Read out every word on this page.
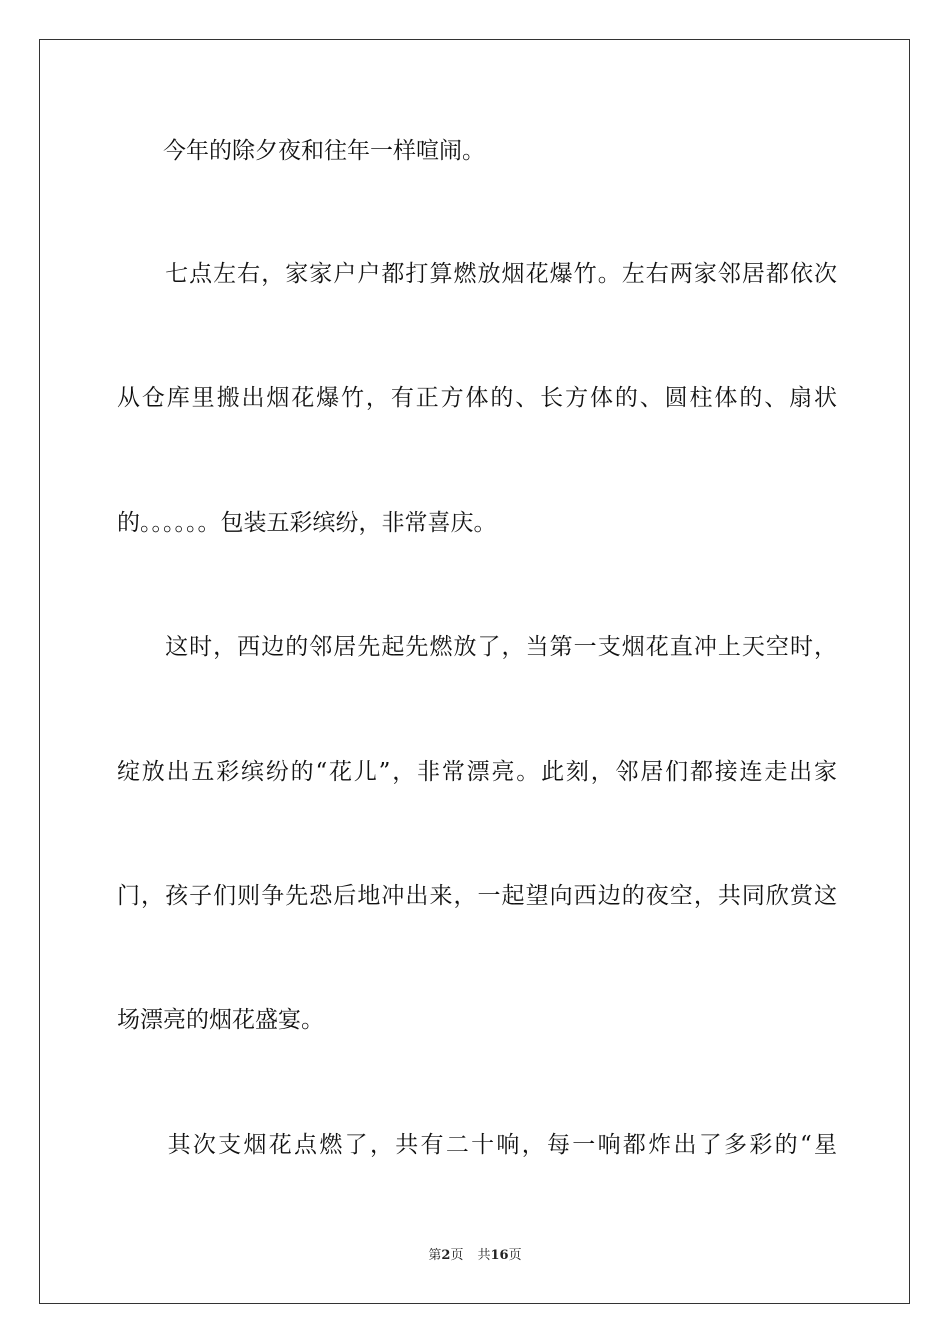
　　今年的除夕夜和往年一样喧闹。
　　七点左右，家家户户都打算燃放烟花爆竹。左右两家邻居都依次
从仓库里搬出烟花爆竹，有正方体的、长方体的、圆柱体的、扇状
的。。。。。。包装五彩缤纷，非常喜庆。
　　这时，西边的邻居先起先燃放了，当第一支烟花直冲上天空时，
绽放出五彩缤纷的“花儿”，非常漂亮。此刻，邻居们都接连走出家
门，孩子们则争先恐后地冲出来，一起望向西边的夜空，共同欣赏这
场漂亮的烟花盛宴。
　　其次支烟花点燃了，共有二十响，每一响都炸出了多彩的“星
第2页 共16页
